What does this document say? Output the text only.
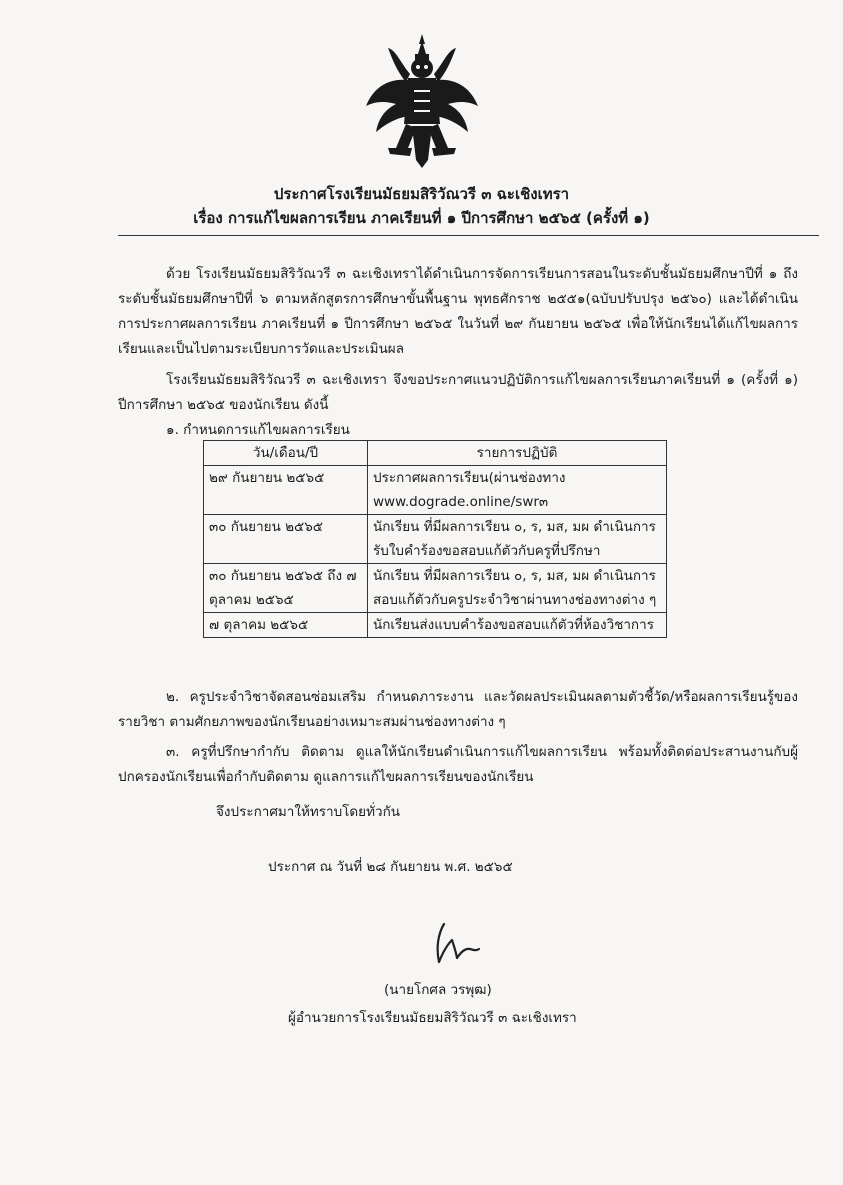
ประกาศโรงเรียนมัธยมสิริวัณวรี ๓ ฉะเชิงเทรา
เรื่อง การแก้ไขผลการเรียน ภาคเรียนที่ ๑ ปีการศึกษา ๒๕๖๕ (ครั้งที่ ๑)

ด้วย โรงเรียนมัธยมสิริวัณวรี ๓ ฉะเชิงเทราได้ดำเนินการจัดการเรียนการสอนในระดับชั้นมัธยมศึกษาปีที่ ๑ ถึง ระดับชั้นมัธยมศึกษาปีที่ ๖ ตามหลักสูตรการศึกษาขั้นพื้นฐาน พุทธศักราช ๒๕๕๑(ฉบับปรับปรุง ๒๕๖๐) และได้ดำเนินการประกาศผลการเรียน ภาคเรียนที่ ๑ ปีการศึกษา ๒๕๖๕ ในวันที่ ๒๙ กันยายน ๒๕๖๕ เพื่อให้นักเรียนได้แก้ไขผลการเรียนและเป็นไปตามระเบียบการวัดและประเมินผล

โรงเรียนมัธยมสิริวัณวรี ๓ ฉะเชิงเทรา จึงขอประกาศแนวปฏิบัติการแก้ไขผลการเรียนภาคเรียนที่ ๑ (ครั้งที่ ๑) ปีการศึกษา ๒๕๖๕ ของนักเรียน ดังนี้

๑. กำหนดการแก้ไขผลการเรียน
วัน/เดือน/ปี	รายการปฏิบัติ
๒๙ กันยายน ๒๕๖๕	ประกาศผลการเรียน(ผ่านช่องทาง www.dograde.online/swr๓
๓๐ กันยายน ๒๕๖๕	นักเรียน ที่มีผลการเรียน ๐, ร, มส, มผ ดำเนินการรับใบคำร้องขอสอบแก้ตัวกับครูที่ปรึกษา
๓๐ กันยายน ๒๕๖๕ ถึง ๗ ตุลาคม ๒๕๖๕	นักเรียน ที่มีผลการเรียน ๐, ร, มส, มผ ดำเนินการสอบแก้ตัวกับครูประจำวิชาผ่านทางช่องทางต่าง ๆ
๗ ตุลาคม ๒๕๖๕	นักเรียนส่งแบบคำร้องขอสอบแก้ตัวที่ห้องวิชาการ

๒. ครูประจำวิชาจัดสอนซ่อมเสริม กำหนดภาระงาน และวัดผลประเมินผลตามตัวชี้วัด/หรือผลการเรียนรู้ของรายวิชา ตามศักยภาพของนักเรียนอย่างเหมาะสมผ่านช่องทางต่าง ๆ

๓. ครูที่ปรึกษากำกับ ติดตาม ดูแลให้นักเรียนดำเนินการแก้ไขผลการเรียน พร้อมทั้งติดต่อประสานงานกับผู้ปกครองนักเรียนเพื่อกำกับติดตาม ดูแลการแก้ไขผลการเรียนของนักเรียน

จึงประกาศมาให้ทราบโดยทั่วกัน
ประกาศ ณ วันที่ ๒๘ กันยายน พ.ศ. ๒๕๖๕
(นายโกศล วรพุฒ)
ผู้อำนวยการโรงเรียนมัธยมสิริวัณวรี ๓ ฉะเชิงเทรา
